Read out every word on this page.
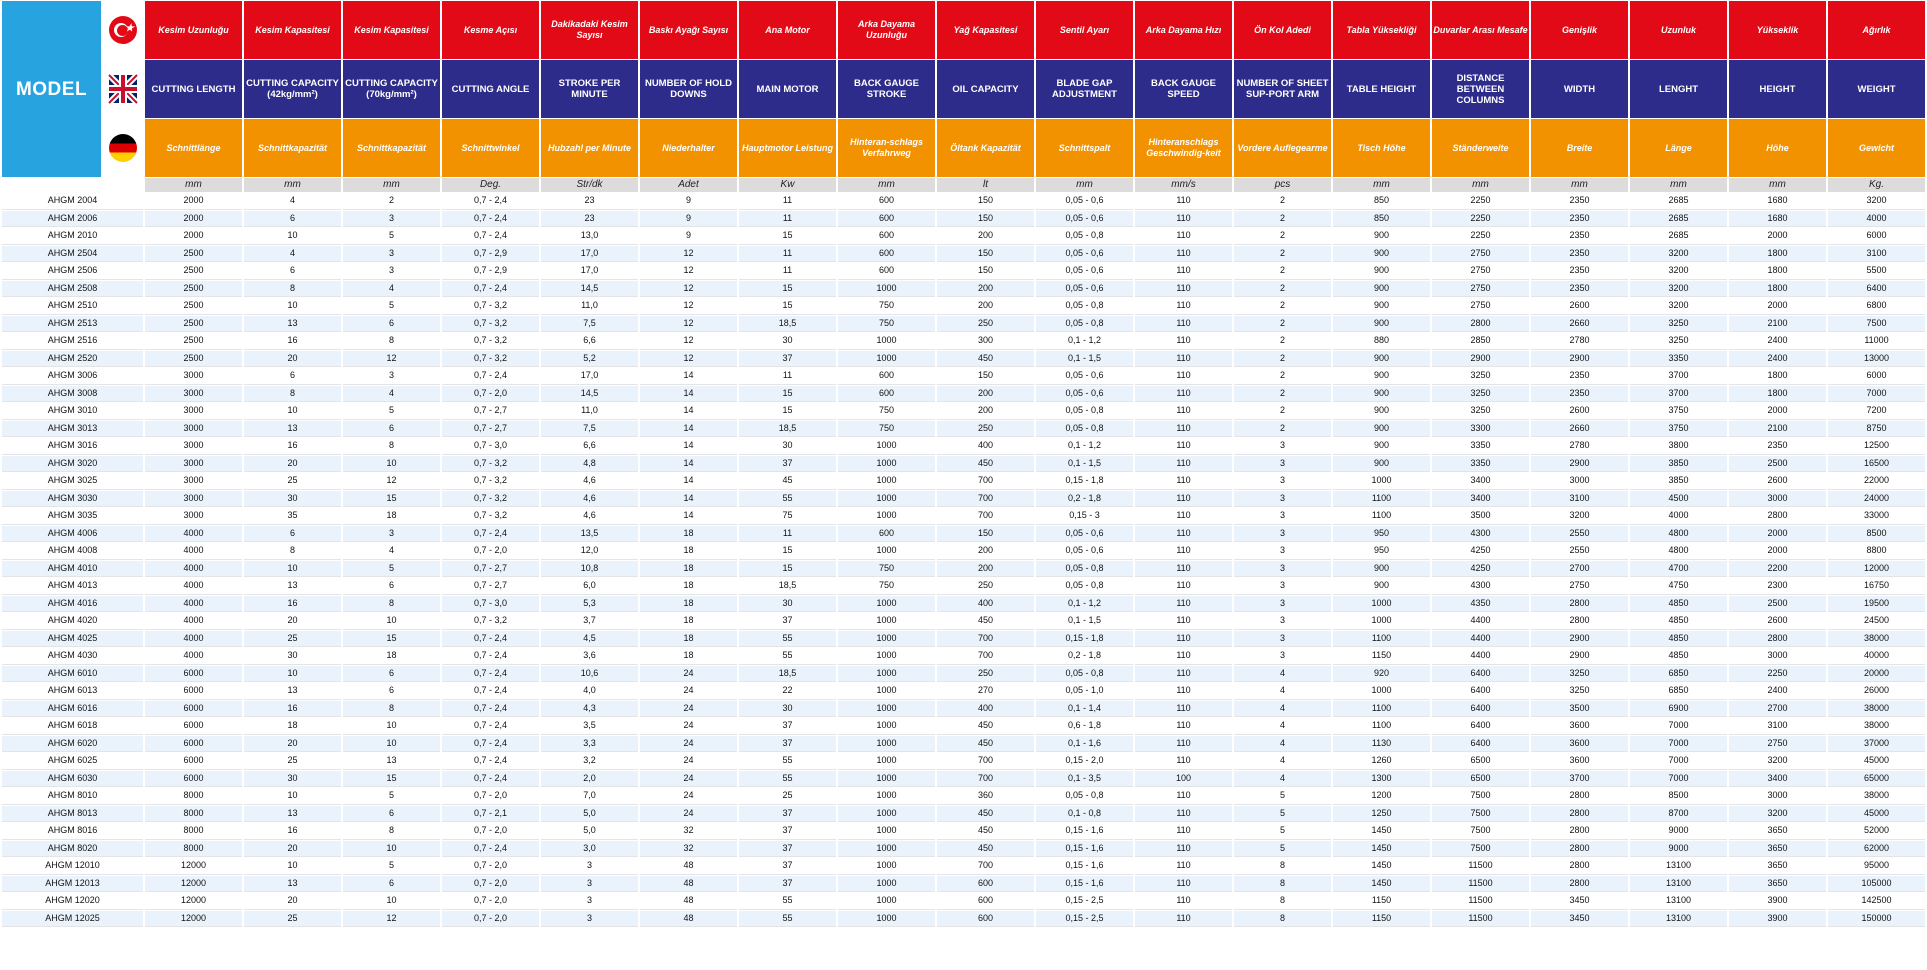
MODEL	★	Kesim Uzunluğu	Kesim Kapasitesi	Kesim Kapasitesi	Kesme Açısı	Dakikadaki Kesim Sayısı	Baskı Ayağı Sayısı	Ana Motor	Arka Dayama Uzunluğu	Yağ Kapasitesi	Sentil Ayarı	Arka Dayama Hızı	Ön Kol Adedi	Tabla Yüksekliği	Duvarlar Arası Mesafe	Genişlik	Uzunluk	Yükseklik	Ağırlık

	CUTTING LENGTH	CUTTING CAPACITY (42kg/mm²)	CUTTING CAPACITY (70kg/mm²)	CUTTING ANGLE	STROKE PER MINUTE	NUMBER OF HOLD DOWNS	MAIN MOTOR	BACK GAUGE STROKE	OIL CAPACITY	BLADE GAP ADJUSTMENT	BACK GAUGE SPEED	NUMBER OF SHEET SUP-PORT ARM	TABLE HEIGHT	DISTANCE BETWEEN COLUMNS	WIDTH	LENGHT	HEIGHT	WEIGHT

		Schnittlänge	Schnittkapazität	Schnittkapazität	Schnittwinkel	Hubzahl per Minute	Niederhalter	Hauptmotor Leistung	Hinteran-schlags Verfahrweg	Öltank Kapazität	Schnittspalt	Hinteranschlags Geschwindig-keit	Vordere Auflegearme	Tisch Höhe	Ständerweite	Breite	Länge	Höhe	Gewicht
		mm	mm	mm	Deg.	Str/dk	Adet	Kw	mm	lt	mm	mm/s	pcs	mm	mm	mm	mm	mm	Kg.
AHGM 2004		2000	4	2	0,7 - 2,4	23	9	11	600	150	0,05 - 0,6	110	2	850	2250	2350	2685	1680	3200
AHGM 2006		2000	6	3	0,7 - 2,4	23	9	11	600	150	0,05 - 0,6	110	2	850	2250	2350	2685	1680	4000
AHGM 2010		2000	10	5	0,7 - 2,4	13,0	9	15	600	200	0,05 - 0,8	110	2	900	2250	2350	2685	2000	6000
AHGM 2504		2500	4	3	0,7 - 2,9	17,0	12	11	600	150	0,05 - 0,6	110	2	900	2750	2350	3200	1800	3100
AHGM 2506		2500	6	3	0,7 - 2,9	17,0	12	11	600	150	0,05 - 0,6	110	2	900	2750	2350	3200	1800	5500
AHGM 2508		2500	8	4	0,7 - 2,4	14,5	12	15	1000	200	0,05 - 0,6	110	2	900	2750	2350	3200	1800	6400
AHGM 2510		2500	10	5	0,7 - 3,2	11,0	12	15	750	200	0,05 - 0,8	110	2	900	2750	2600	3200	2000	6800
AHGM 2513		2500	13	6	0,7 - 3,2	7,5	12	18,5	750	250	0,05 - 0,8	110	2	900	2800	2660	3250	2100	7500
AHGM 2516		2500	16	8	0,7 - 3,2	6,6	12	30	1000	300	0,1 - 1,2	110	2	880	2850	2780	3250	2400	11000
AHGM 2520		2500	20	12	0,7 - 3,2	5,2	12	37	1000	450	0,1 - 1,5	110	2	900	2900	2900	3350	2400	13000
AHGM 3006		3000	6	3	0,7 - 2,4	17,0	14	11	600	150	0,05 - 0,6	110	2	900	3250	2350	3700	1800	6000
AHGM 3008		3000	8	4	0,7 - 2,0	14,5	14	15	600	200	0,05 - 0,6	110	2	900	3250	2350	3700	1800	7000
AHGM 3010		3000	10	5	0,7 - 2,7	11,0	14	15	750	200	0,05 - 0,8	110	2	900	3250	2600	3750	2000	7200
AHGM 3013		3000	13	6	0,7 - 2,7	7,5	14	18,5	750	250	0,05 - 0,8	110	2	900	3300	2660	3750	2100	8750
AHGM 3016		3000	16	8	0,7 - 3,0	6,6	14	30	1000	400	0,1 - 1,2	110	3	900	3350	2780	3800	2350	12500
AHGM 3020		3000	20	10	0,7 - 3,2	4,8	14	37	1000	450	0,1 - 1,5	110	3	900	3350	2900	3850	2500	16500
AHGM 3025		3000	25	12	0,7 - 3,2	4,6	14	45	1000	700	0,15 - 1,8	110	3	1000	3400	3000	3850	2600	22000
AHGM 3030		3000	30	15	0,7 - 3,2	4,6	14	55	1000	700	0,2 - 1,8	110	3	1100	3400	3100	4500	3000	24000
AHGM 3035		3000	35	18	0,7 - 3,2	4,6	14	75	1000	700	0,15 - 3	110	3	1100	3500	3200	4000	2800	33000
AHGM 4006		4000	6	3	0,7 - 2,4	13,5	18	11	600	150	0,05 - 0,6	110	3	950	4300	2550	4800	2000	8500
AHGM 4008		4000	8	4	0,7 - 2,0	12,0	18	15	1000	200	0,05 - 0,6	110	3	950	4250	2550	4800	2000	8800
AHGM 4010		4000	10	5	0,7 - 2,7	10,8	18	15	750	200	0,05 - 0,8	110	3	900	4250	2700	4700	2200	12000
AHGM 4013		4000	13	6	0,7 - 2,7	6,0	18	18,5	750	250	0,05 - 0,8	110	3	900	4300	2750	4750	2300	16750
AHGM 4016		4000	16	8	0,7 - 3,0	5,3	18	30	1000	400	0,1 - 1,2	110	3	1000	4350	2800	4850	2500	19500
AHGM 4020		4000	20	10	0,7 - 3,2	3,7	18	37	1000	450	0,1 - 1,5	110	3	1000	4400	2800	4850	2600	24500
AHGM 4025		4000	25	15	0,7 - 2,4	4,5	18	55	1000	700	0,15 - 1,8	110	3	1100	4400	2900	4850	2800	38000
AHGM 4030		4000	30	18	0,7 - 2,4	3,6	18	55	1000	700	0,2 - 1,8	110	3	1150	4400	2900	4850	3000	40000
AHGM 6010		6000	10	6	0,7 - 2,4	10,6	24	18,5	1000	250	0,05 - 0,8	110	4	920	6400	3250	6850	2250	20000
AHGM 6013		6000	13	6	0,7 - 2,4	4,0	24	22	1000	270	0,05 - 1,0	110	4	1000	6400	3250	6850	2400	26000
AHGM 6016		6000	16	8	0,7 - 2,4	4,3	24	30	1000	400	0,1 - 1,4	110	4	1100	6400	3500	6900	2700	38000
AHGM 6018		6000	18	10	0,7 - 2,4	3,5	24	37	1000	450	0,6 - 1,8	110	4	1100	6400	3600	7000	3100	38000
AHGM 6020		6000	20	10	0,7 - 2,4	3,3	24	37	1000	450	0,1 - 1,6	110	4	1130	6400	3600	7000	2750	37000
AHGM 6025		6000	25	13	0,7 - 2,4	3,2	24	55	1000	700	0,15 - 2,0	110	4	1260	6500	3600	7000	3200	45000
AHGM 6030		6000	30	15	0,7 - 2,4	2,0	24	55	1000	700	0,1 - 3,5	100	4	1300	6500	3700	7000	3400	65000
AHGM 8010		8000	10	5	0,7 - 2,0	7,0	24	25	1000	360	0,05 - 0,8	110	5	1200	7500	2800	8500	3000	38000
AHGM 8013		8000	13	6	0,7 - 2,1	5,0	24	37	1000	450	0,1 - 0,8	110	5	1250	7500	2800	8700	3200	45000
AHGM 8016		8000	16	8	0,7 - 2,0	5,0	32	37	1000	450	0,15 - 1,6	110	5	1450	7500	2800	9000	3650	52000
AHGM 8020		8000	20	10	0,7 - 2,4	3,0	32	37	1000	450	0,15 - 1,6	110	5	1450	7500	2800	9000	3650	62000
AHGM 12010		12000	10	5	0,7 - 2,0	3	48	37	1000	700	0,15 - 1,6	110	8	1450	11500	2800	13100	3650	95000
AHGM 12013		12000	13	6	0,7 - 2,0	3	48	37	1000	600	0,15 - 1,6	110	8	1450	11500	2800	13100	3650	105000
AHGM 12020		12000	20	10	0,7 - 2,0	3	48	55	1000	600	0,15 - 2,5	110	8	1150	11500	3450	13100	3900	142500
AHGM 12025		12000	25	12	0,7 - 2,0	3	48	55	1000	600	0,15 - 2,5	110	8	1150	11500	3450	13100	3900	150000
